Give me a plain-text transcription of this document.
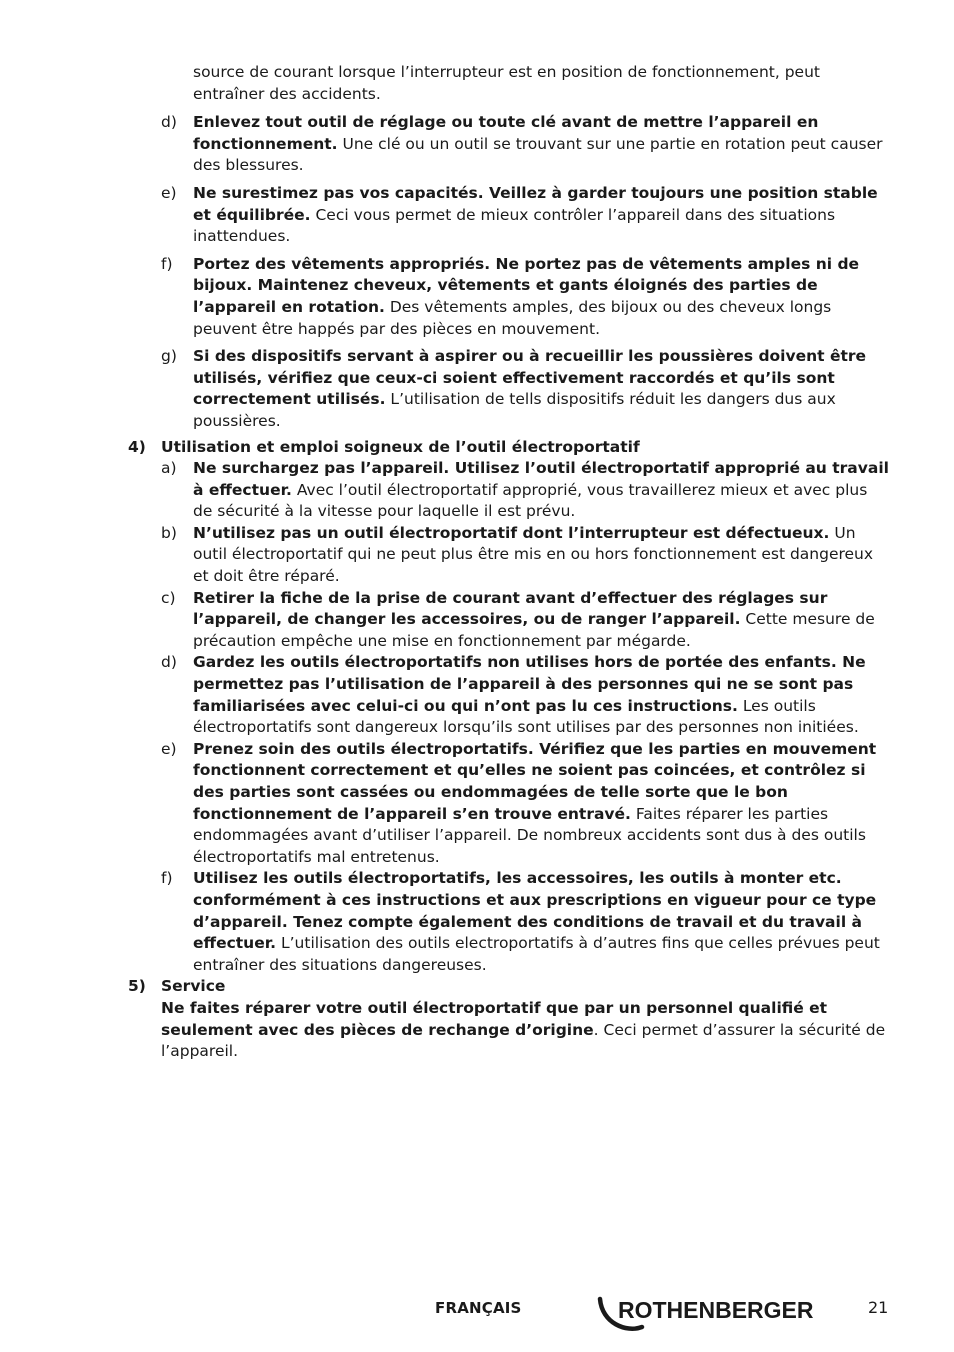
source de courant lorsque l’interrupteur est en position de fonctionnement, peut entraîner des accidents.
d) Enlevez tout outil de réglage ou toute clé avant de mettre l’appareil en fonctionnement. Une clé ou un outil se trouvant sur une partie en rotation peut causer des blessures.
e) Ne surestimez pas vos capacités. Veillez à garder toujours une position stable et équilibrée. Ceci vous permet de mieux contrôler l’appareil dans des situations inattendues.
f) Portez des vêtements appropriés. Ne portez pas de vêtements amples ni de bijoux. Maintenez cheveux, vêtements et gants éloignés des parties de l’appareil en rotation. Des vêtements amples, des bijoux ou des cheveux longs peuvent être happés par des pièces en mouvement.
g) Si des dispositifs servant à aspirer ou à recueillir les poussières doivent être utilisés, vérifiez que ceux-ci soient effectivement raccordés et qu’ils sont correctement utilisés. L’utilisation de tells dispositifs réduit les dangers dus aux poussières.
4) Utilisation et emploi soigneux de l’outil électroportatif
a) Ne surchargez pas l’appareil. Utilisez l’outil électroportatif approprié au travail à effectuer. Avec l’outil électroportatif approprié, vous travaillerez mieux et avec plus de sécurité à la vitesse pour laquelle il est prévu.
b) N’utilisez pas un outil électroportatif dont l’interrupteur est défectueux. Un outil électroportatif qui ne peut plus être mis en ou hors fonctionnement est dangereux et doit être réparé.
c) Retirer la fiche de la prise de courant avant d’effectuer des réglages sur l’appareil, de changer les accessoires, ou de ranger l’appareil. Cette mesure de précaution empêche une mise en fonctionnement par mégarde.
d) Gardez les outils électroportatifs non utilises hors de portée des enfants. Ne permettez pas l’utilisation de l’appareil à des personnes qui ne se sont pas familiarisées avec celui-ci ou qui n’ont pas lu ces instructions. Les outils électroportatifs sont dangereux lorsqu’ils sont utilises par des personnes non initiées.
e) Prenez soin des outils électroportatifs. Vérifiez que les parties en mouvement fonctionnent correctement et qu’elles ne soient pas coincées, et contrôlez si des parties sont cassées ou endommagées de telle sorte que le bon fonctionnement de l’appareil s’en trouve entravé. Faites réparer les parties endommagées avant d’utiliser l’appareil. De nombreux accidents sont dus à des outils électroportatifs mal entretenus.
f) Utilisez les outils électroportatifs, les accessoires, les outils à monter etc. conformément à ces instructions et aux prescriptions en vigueur pour ce type d’appareil. Tenez compte également des conditions de travail et du travail à effectuer. L’utilisation des outils electroportatifs à d’autres fins que celles prévues peut entraîner des situations dangereuses.
5) Service
Ne faites réparer votre outil électroportatif que par un personnel qualifié et seulement avec des pièces de rechange d’origine. Ceci permet d’assurer la sécurité de l’appareil.
FRANÇAIS	ROTHENBERGER	21
